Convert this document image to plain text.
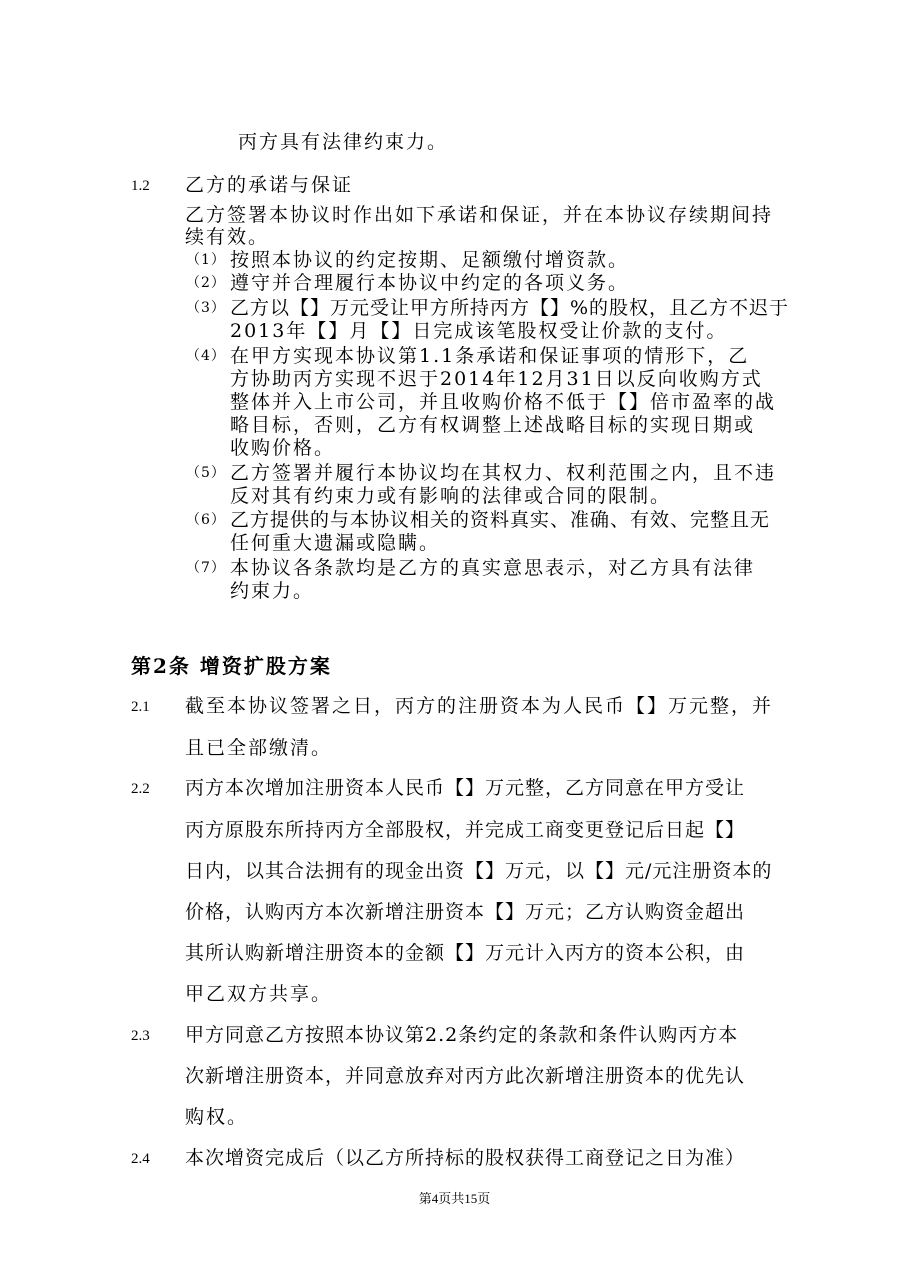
丙方具有法律约束力。
1.2 乙方的承诺与保证
乙方签署本协议时作出如下承诺和保证，并在本协议存续期间持
续有效。
（1） 按照本协议的约定按期、足额缴付增资款。
（2） 遵守并合理履行本协议中约定的各项义务。
（3） 乙方以【】万元受让甲方所持丙方【】%的股权，且乙方不迟于
2013年【】月【】日完成该笔股权受让价款的支付。
（4） 在甲方实现本协议第1.1条承诺和保证事项的情形下，乙
方协助丙方实现不迟于2014年12月31日以反向收购方式
整体并入上市公司，并且收购价格不低于【】倍市盈率的战
略目标，否则，乙方有权调整上述战略目标的实现日期或
收购价格。
（5） 乙方签署并履行本协议均在其权力、权利范围之内，且不违
反对其有约束力或有影响的法律或合同的限制。
（6） 乙方提供的与本协议相关的资料真实、准确、有效、完整且无
任何重大遗漏或隐瞒。
（7） 本协议各条款均是乙方的真实意思表示，对乙方具有法律
约束力。
第2条 增资扩股方案
2.1 截至本协议签署之日，丙方的注册资本为人民币【】万元整，并
且已全部缴清。
2.2 丙方本次增加注册资本人民币【】万元整，乙方同意在甲方受让
丙方原股东所持丙方全部股权，并完成工商变更登记后日起【】
日内，以其合法拥有的现金出资【】万元，以【】元/元注册资本的
价格，认购丙方本次新增注册资本【】万元；乙方认购资金超出
其所认购新增注册资本的金额【】万元计入丙方的资本公积，由
甲乙双方共享。
2.3 甲方同意乙方按照本协议第2.2条约定的条款和条件认购丙方本
次新增注册资本，并同意放弃对丙方此次新增注册资本的优先认
购权。
2.4 本次增资完成后（以乙方所持标的股权获得工商登记之日为准）
第4页共15页
